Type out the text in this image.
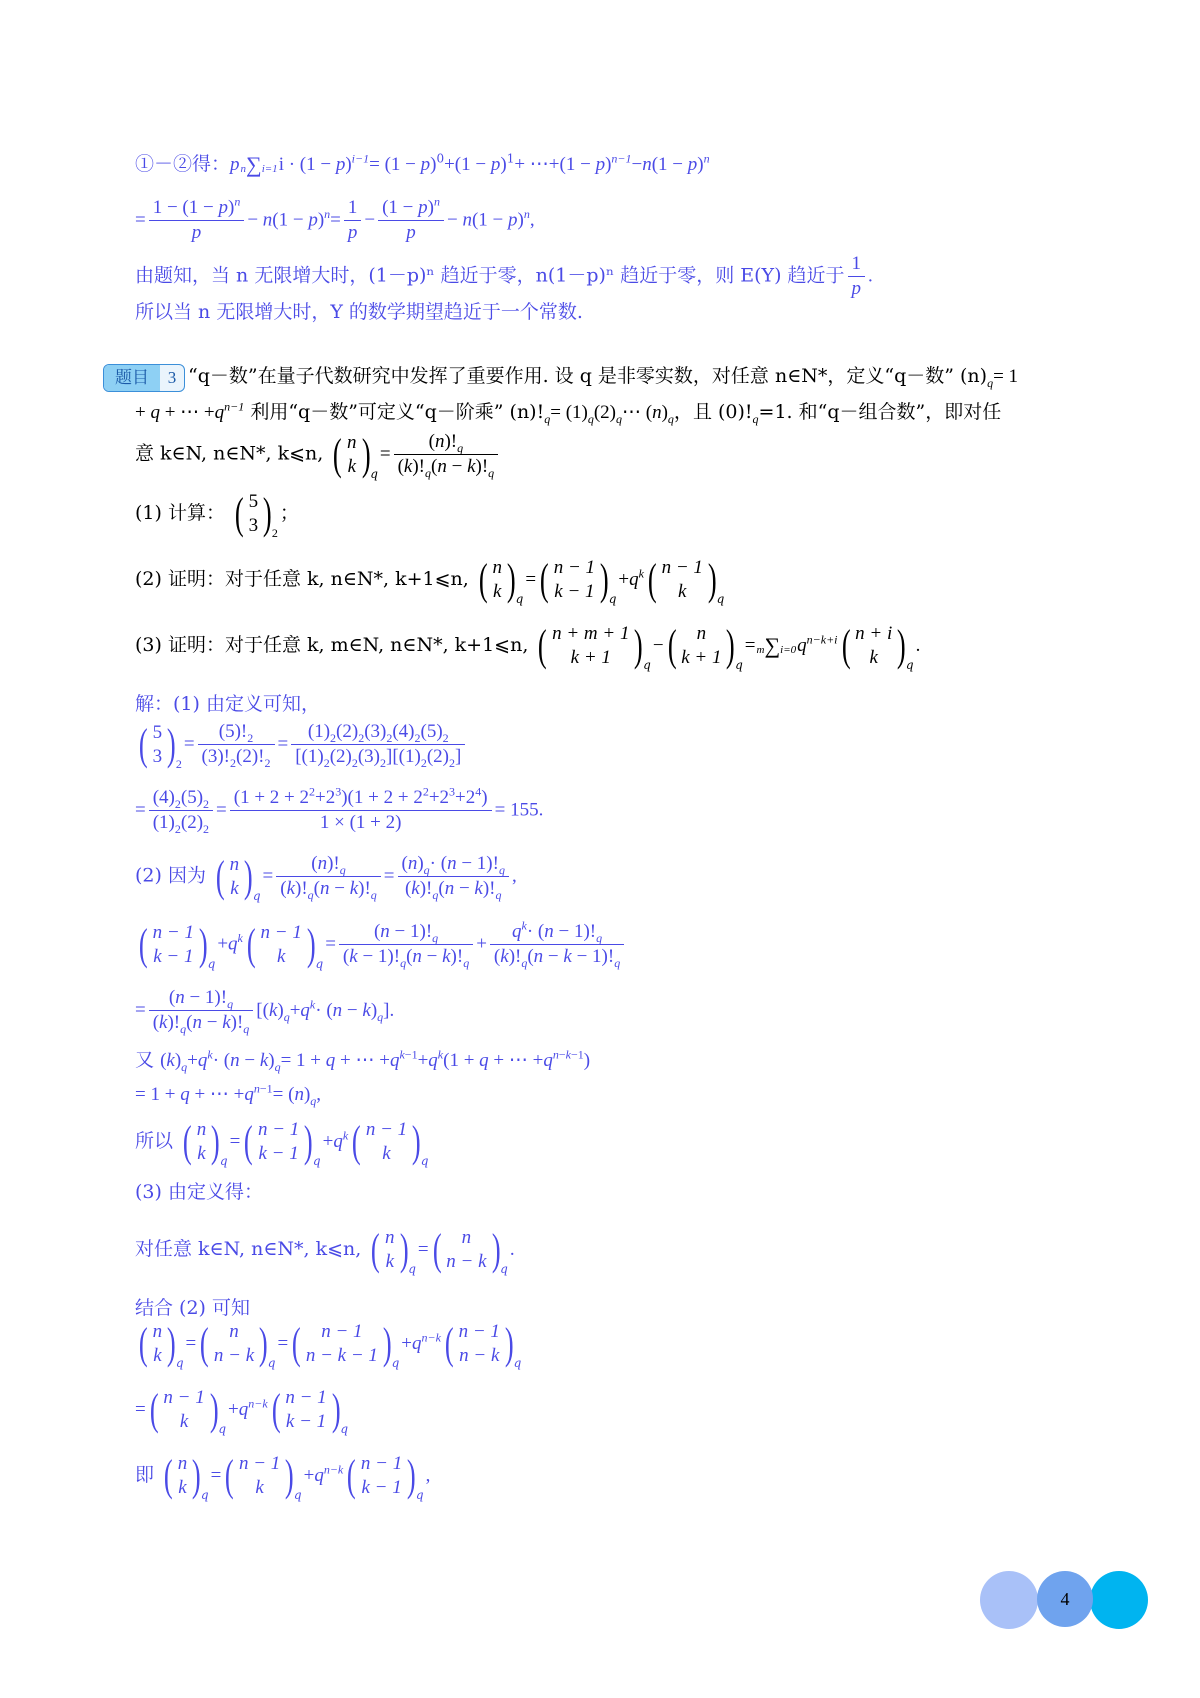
①－②得：$pn\sum i=1i \cdot (1 - p)^{i-1}= (1 - p)^0+(1 - p)^1+$ ⋯+(1 − $p)^{n-1}-n(1 - p)^n$
= $\frac{1 - (1 - p)^n}{p} - n(1 - p)^n= \frac{1}{p} - \frac{(1 - p)^n}{p} - n(1 - p)^n$,
由题知，当 n 无限增大时，(1－p)ⁿ 趋近于零，n(1－p)ⁿ 趋近于零，则 E(Y) 趋近于 $\frac{1}{p}$ .
所以当 n 无限增大时，Y 的数学期望趋近于一个常数.
题目	3 “q－数”在量子代数研究中发挥了重要作用. 设 q 是非零实数，对任意 n∈N*，定义“q－数” $(n)_q= 1$
+ q + ⋯ $+q^{n-1}$ 利用“q－数”可定义“q－阶乘” $(n)!_q=$ $(1)_q(2)_q\cdots$ $(n)_q$，且 $(0)!_q=1$. 和“q－组合数”，即对任
意 k∈N, n∈N*, k⩽n, ( n
k )$_q= \frac{(n)!_q}{(k)!_q(n - k)!_q}$
(1) 计算： ( 5
3 )$_2$；
(2) 证明：对于任意 k, n∈N*, k+1⩽n, ( n
k )$_q=$( n − 1
k − 1 )$_q+q^k$( n − 1
k )$_q$
(3) 证明：对于任意 k, m∈N, n∈N*, k+1⩽n, ( n + m + 1
k + 1 )$_q-$(	n
k + 1 )$_q=m\sum i=0q^{n-k+i}$( n + i
k )$_q$.
解：(1) 由定义可知，
( 5
3 )$_2= \frac{(5)!_2}{(3)!_2(2)!_2} = \frac{(1)_2(2)_2(3)_2(4)_2(5)_2}{[(1)_2(2)_2(3)_2][(1)_2(2)_2]}$
= $\frac{(4)_2(5)_2}{(1)_2(2)_2} = \frac{(1 + 2 + 2^2+2^3)(1 + 2 + 2^2+2^3+2^4)}{1 \times (1 + 2)} = 155$.
(2) 因为 ( n
k )$_q= \frac{(n)!_q}{(k)!_q(n - k)!_q} = \frac{(n)_q\cdot (n - 1)!_q}{(k)!_q(n - k)!_q}$ ,
( n − 1
k − 1 )$_q+q^k$( n − 1
k )$_q= \frac{(n - 1)!_q}{(k - 1)!_q(n - k)!_q} + \frac{q^k\cdot (n - 1)!_q}{(k)!_q(n - k - 1)!_q}$
= $\frac{(n - 1)!_q}{(k)!_q(n - k)!_q} [(k)_q+q^k\cdot (n - k)_q]$.
又 $(k)_q+q^k\cdot (n - k)_q= 1 + q$ + ⋯ $+q^{k-1}+q^k(1 + q$ + ⋯ $+q^{n-k-1}$)
= 1 + q + ⋯ $+q^{n-1}= (n)_q$,
所以 ( n
k )$_q=$( n − 1
k − 1 )$_q+q^k$( n − 1
k )$_q$
(3) 由定义得：
对任意 k∈N, n∈N*, k⩽n, ( n
k )$_q=$(	n
n − k )$_q$.
结合 (2) 可知
( n
k )$_q=$(	n
n − k )$_q=$(	n − 1
n − k − 1 )$_q+q^{n-k}$( n − 1
n − k )$_q$
=( n − 1
k )$_q+q^{n-k}$( n − 1
k − 1 )$_q$
即 ( n
k )$_q=$( n − 1
k )$_q+q^{n-k}$( n − 1
k − 1 )$_q$,
4
